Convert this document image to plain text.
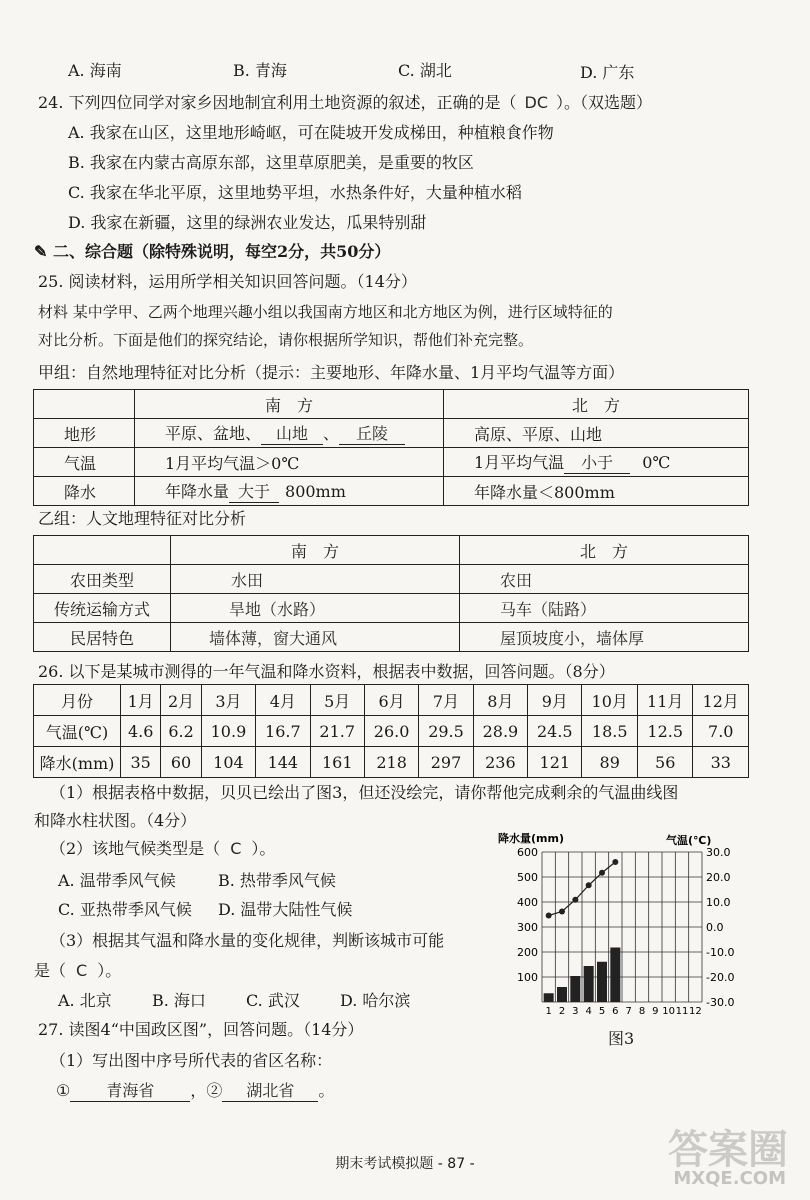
A. 海南	B. 青海	C. 湖北	D. 广东
24. 下列四位同学对家乡因地制宜利用土地资源的叙述，正确的是（ DC ）。（双选题）
A. 我家在山区，这里地形崎岖，可在陡坡开发成梯田，种植粮食作物
B. 我家在内蒙古高原东部，这里草原肥美，是重要的牧区
C. 我家在华北平原，这里地势平坦，水热条件好，大量种植水稻
D. 我家在新疆，这里的绿洲农业发达，瓜果特别甜
✎ 二、综合题（除特殊说明，每空2分，共50分）
25. 阅读材料，运用所学相关知识回答问题。（14分）
材料 某中学甲、乙两个地理兴趣小组以我国南方地区和北方地区为例，进行区域特征的
对比分析。下面是他们的探究结论，请你根据所学知识，帮他们补充完整。
甲组：自然地理特征对比分析（提示：主要地形、年降水量、1月平均气温等方面）
	南　方	北　方
地形	平原、盆地、 山地 、 丘陵	高原、平原、山地
气温	1月平均气温＞0℃	1月平均气温 小于 0℃
降水	年降水量 大于 800mm	年降水量＜800mm
乙组：人文地理特征对比分析
	南　方	北　方
农田类型	水田	农田
传统运输方式	旱地（水路）	马车（陆路）
民居特色	墙体薄，窗大通风	屋顶坡度小，墙体厚
26. 以下是某城市测得的一年气温和降水资料，根据表中数据，回答问题。（8分）
月份	1月	2月	3月	4月	5月	6月	7月	8月	9月	10月	11月	12月
气温(℃)	4.6	6.2	10.9	16.7	21.7	26.0	29.5	28.9	24.5	18.5	12.5	7.0
降水(mm)	35	60	104	144	161	218	297	236	121	89	56	33
（1）根据表格中数据，贝贝已绘出了图3，但还没绘完，请你帮他完成剩余的气温曲线图
和降水柱状图。（4分）
（2）该地气候类型是（ C ）。
A. 温带季风气候	B. 热带季风气候
C. 亚热带季风气候 D. 温带大陆性气候
（3）根据其气温和降水量的变化规律，判断该城市可能
是（ C ）。
A. 北京	B. 海口	C. 武汉	D. 哈尔滨
降水量(mm)	气温(℃)
600
500
400
300
200
100
30.0
20.0
10.0
0.0
-10.0
-20.0
-30.0
1 2 3 4 5 6 7 8 9 10 11 12
图3
27. 读图4“中国政区图”，回答问题。（14分）
（1）写出图中序号所代表的省区名称：
① 青海省 ，② 湖北省 。
期末考试模拟题 - 87 -	答案圈
MXQE.COM
